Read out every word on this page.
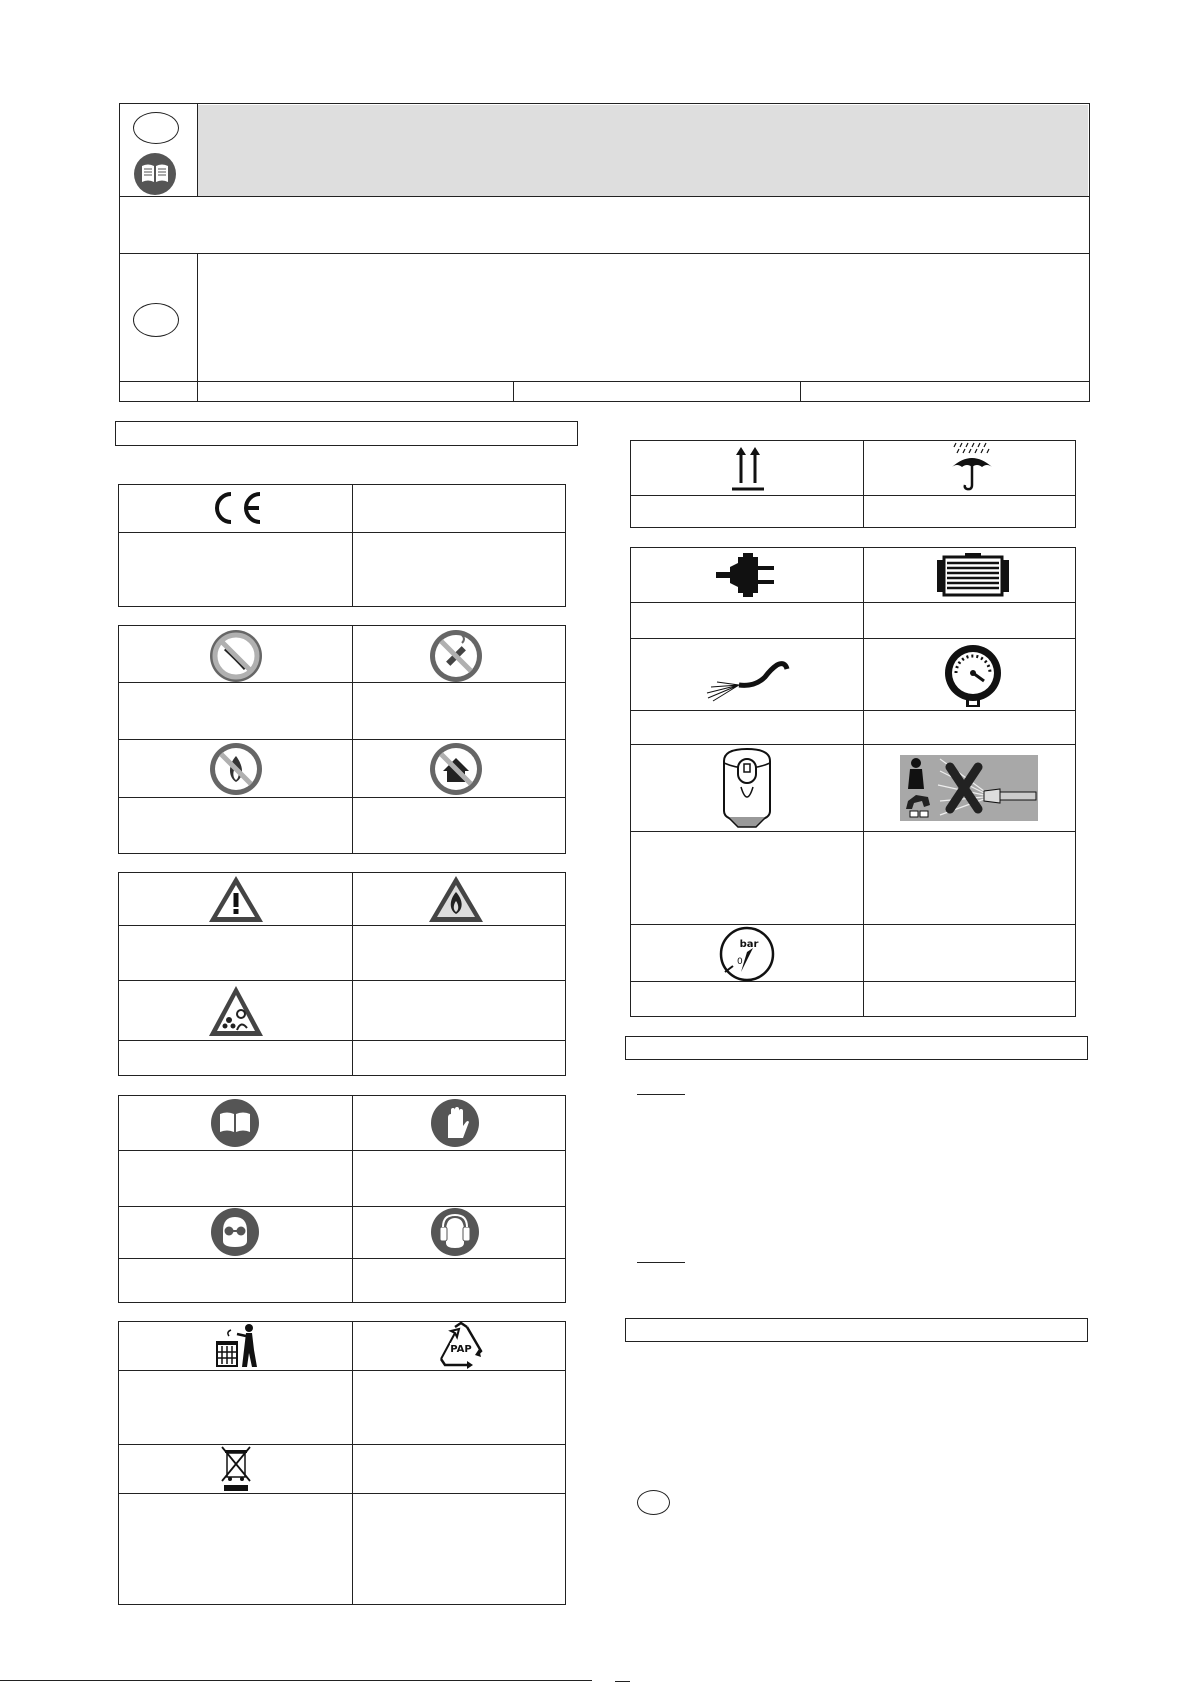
PAP
bar
0
